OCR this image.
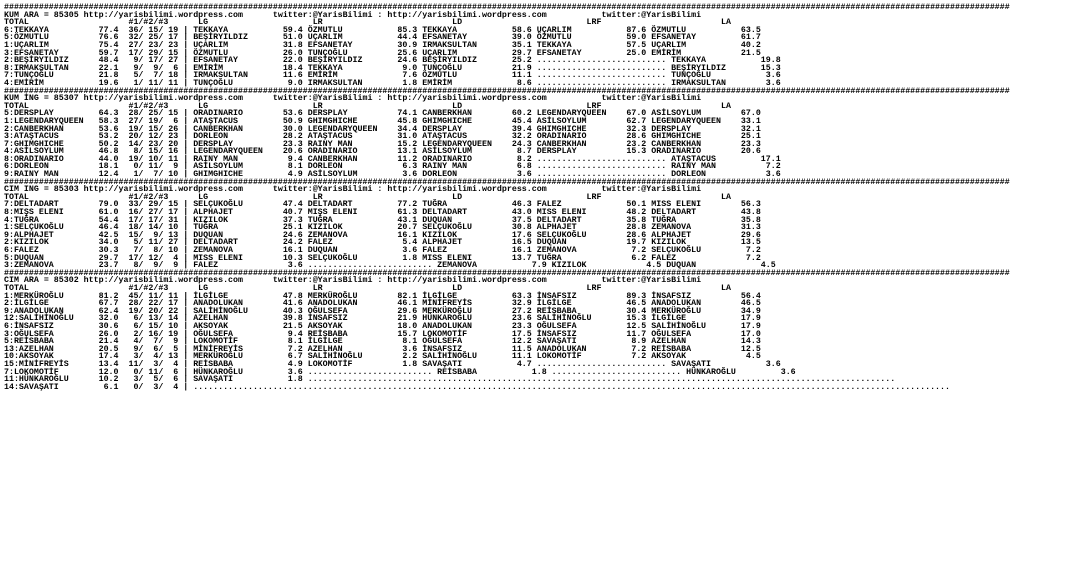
##########################################################################################################################################################################################################
KUM ARA = 85305 http://yarisbilimi.wordpress.com      twitter:@YarisBilimi : http://yarisbilimi.wordpress.com           twitter:@YarisBilimi
TOTAL                    #1/#2/#3      LG                     LR                          LD                         LRF                        LA
6:TEKKAYA          77.4  36/ 15/ 19 | TEKKAYA           59.4 ÖZMUTLU           85.3 TEKKAYA           58.6 UÇARLIM           87.6 ÖZMUTLU           63.5
5:ÖZMUTLU          76.6  32/ 25/ 17 | BEŞİRYILDIZ       51.0 UÇARLIM           44.4 EFSANETAY         39.0 ÖZMUTLU           59.0 EFSANETAY         61.7
1:UÇARLIM          75.4  27/ 23/ 23 | UÇARLIM           31.8 EFSANETAY         30.9 IRMAKSULTAN       35.1 TEKKAYA           57.5 UÇARLIM           40.2
3:EFSANETAY        59.7  17/ 29/ 15 | ÖZMUTLU           26.0 TUNÇOĞLU          25.6 UÇARLIM           29.7 EFSANETAY         25.0 EMİRİM            21.5
2:BEŞİRYILDIZ      48.4   9/ 17/ 27 | EFSANETAY         22.0 BEŞİRYILDIZ       24.6 BEŞİRYILDIZ       25.2 .......................... TEKKAYA           19.8
8:IRMAKSULTAN      22.1   9/  9/  6 | EMİRİM            18.4 TEKKAYA            9.0 TUNÇOĞLU          21.9 .......................... BEŞİRYILDIZ       15.3
7:TUNÇOĞLU         21.8   5/  7/ 18 | IRMAKSULTAN       11.6 EMİRİM             7.6 ÖZMUTLU           11.1 .......................... TUNÇOĞLU           3.6
4:EMİRİM           19.6   1/ 11/ 11 | TUNÇOĞLU           9.0 IRMAKSULTAN        1.8 EMİRİM             8.6 .......................... IRMAKSULTAN        3.6
##########################################################################################################################################################################################################
KUM İNG = 85307 http://yarisbilimi.wordpress.com      twitter:@YarisBilimi : http://yarisbilimi.wordpress.com           twitter:@YarisBilimi
TOTAL                    #1/#2/#3      LG                     LR                          LD                         LRF                        LA
5:DERSPLAY         64.3  28/ 25/ 15 | ORADINARIO        53.6 DERSPLAY          74.1 CANBERKHAN        60.2 LEGENDARYQUEEN    67.0 ASİLSOYLUM        67.0
1:LEGENDARYQUEEN   58.3  27/ 19/  6 | ATAŞTACUS         50.9 GHIMGHICHE        45.8 GHIMGHICHE        45.4 ASİLSOYLUM        62.7 LEGENDARYQUEEN    33.1
2:CANBERKHAN       53.6  19/ 15/ 26 | CANBERKHAN        30.0 LEGENDARYQUEEN    34.4 DERSPLAY          39.4 GHIMGHICHE        32.3 DERSPLAY          32.1
3:ATAŞTACUS        53.2  20/ 12/ 23 | DORLEON           28.2 ATAŞTACUS         31.0 ATAŞTACUS         32.2 ORADINARIO        28.6 GHIMGHICHE        25.1
7:GHIMGHICHE       50.2  14/ 23/ 20 | DERSPLAY          23.3 RAINY MAN         15.2 LEGENDARYQUEEN    24.3 CANBERKHAN        23.2 CANBERKHAN        23.3
4:ASİLSOYLUM       46.8   8/ 15/ 16 | LEGENDARYQUEEN    20.6 ORADINARIO        13.1 ASİLSOYLUM         8.7 DERSPLAY          15.3 ORADINARIO        20.6
8:ORADINARIO       44.0  19/ 10/ 11 | RAINY MAN          9.4 CANBERKHAN        11.2 ORADINARIO         8.2 .......................... ATAŞTACUS         17.1
6:DORLEON          18.1   0/ 11/  9 | ASİLSOYLUM         8.1 DORLEON            6.3 RAINY MAN          6.8 .......................... RAINY MAN          7.2
9:RAINY MAN        12.4   1/  7/ 10 | GHIMGHICHE         4.9 ASİLSOYLUM         3.6 DORLEON            3.6 .......................... DORLEON            3.6
##########################################################################################################################################################################################################
CIM ING = 85303 http://yarisbilimi.wordpress.com      twitter:@YarisBilimi : http://yarisbilimi.wordpress.com           twitter:@YarisBilimi
TOTAL                    #1/#2/#3      LG                     LR                          LD                         LRF                        LA
7:DELTADART        79.0  33/ 29/ 15 | SELÇUKOĞLU        47.4 DELTADART         77.2 TUĞRA             46.3 FALEZ             50.1 MISS ELENI        56.3
8:MIŞS ELENI       61.0  16/ 27/ 17 | ALPHAJET          40.7 MIŞS ELENI        61.3 DELTADART         43.0 MISS ELENI        48.2 DELTADART         43.8
4:TUĞRA            54.4  17/ 17/ 31 | KIZILOK           37.3 TUĞRA             43.1 DUQUAN            37.5 DELTADART         35.8 TUĞRA             35.8
1:SELÇUKOĞLU       46.4  18/ 14/ 10 | TUĞRA             25.1 KIZILOK           20.7 SELÇUKOĞLU        30.8 ALPHAJET          28.8 ZEMANOVA          31.3
9:ALPHAJET         42.5  15/  9/ 13 | DUQUAN            24.6 ZEMANOVA          16.1 KIZILOK           17.6 SELÇUKOĞLU        28.6 ALPHAJET          29.6
2:KIZILOK          34.0   5/ 11/ 27 | DELTADART         24.2 FALEZ              5.4 ALPHAJET          16.5 DUQUAN            19.7 KIZILOK           13.5
6:FALEZ            30.3   7/  8/ 10 | ZEMANOVA          16.1 DUQUAN             3.6 FALEZ             16.1 ZEMANOVA           7.2 SELÇUKOĞLU         7.2
5:DUQUAN           29.7  17/ 12/  4 | MISS ELENI        10.3 SELÇUKOĞLU         1.8 MISS ELENI        13.7 TUĞRA              6.2 FALEZ              7.2
3:ZEMANOVA         23.7   8/  9/  9 | FALEZ              3.6 ......................... ZEMANOVA           7.9 KIZILOK            4.5 DUQUAN             4.5
##########################################################################################################################################################################################################
CIM ARA = 85302 http://yarisbilimi.wordpress.com      twitter:@YarisBilimi : http://yarisbilimi.wordpress.com           twitter:@YarisBilimi
TOTAL                    #1/#2/#3      LG                     LR                          LD                         LRF                        LA
1:MERKÜROĞLU       81.2  45/ 11/ 11 | İLGİLGE           47.8 MERKÜROĞLU        82.1 İLGİLGE           63.3 İNSAFSIZ          89.3 İNSAFSIZ          56.4
2:İLGİLGE          67.7  28/ 22/ 17 | ANADOLUKAN        41.6 ANADOLUKAN        46.1 MİNİFREYİS        32.9 İLGİLGE           46.5 ANADOLUKAN        46.5
9:ANADOLUKAN       62.4  19/ 20/ 22 | SALİHİNOĞLU       40.3 OĞULSEFA          29.6 MERKÜROĞLU        27.2 REİSBABA          30.4 MERKÜROĞLU        34.9
12:SALİHİNOĞLU     32.0   6/ 13/ 14 | AZELHAN           39.8 İNSAFSIZ          21.9 HÜNKAROĞLU        23.6 SALİHİNOĞLU       15.3 İLGİLGE           17.9
6:İNSAFSIZ         30.6   6/ 15/ 10 | AKSOYAK           21.5 AKSOYAK           18.0 ANADOLUKAN        23.3 OĞULSEFA          12.5 SALİHİNOĞLU       17.9
3:OĞULSEFA         26.0   2/ 16/ 19 | OĞULSEFA           9.4 REİSBABA          15.7 LOKOMOTİF         17.5 İNSAFSIZ          11.7 OĞULSEFA          17.0
5:REİSBABA         21.4   4/  7/  9 | LOKOMOTİF          8.1 İLGİLGE            8.1 OĞULSEFA          12.2 SAVAŞATI           8.9 AZELHAN           14.3
13:AZELHAN         20.5   9/  6/  5 | MİNİFREYİS         7.2 AZELHAN            3.6 İNSAFSIZ          11.5 ANADOLUKAN         7.2 REİSBABA          12.5
10:AKSOYAK         17.4   3/  4/ 13 | MERKÜROĞLU         6.7 SALİHİNOĞLU        2.2 SALİHİNOĞLU       11.1 LOKOMOTİF          7.2 AKSOYAK            4.5
15:MİNİFREYİS      13.4  11/  3/  4 | REİSBABA           4.9 LOKOMOTİF          1.8 SAVAŞATI           4.7 .......................... SAVAŞATI           3.6
7:LOKOMOTİF        12.0   0/ 11/  6 | HÜNKAROĞLU         3.6 ......................... REİSBABA           1.8 .......................... HÜNKAROĞLU         3.6
11:HÜNKAROĞLU      10.2   3/  5/  6 | SAVAŞATI           1.8 ......................................................................................................................
14:SAVAŞATI         6.1   0/  3/  4 | ........................................................................................................................................................
